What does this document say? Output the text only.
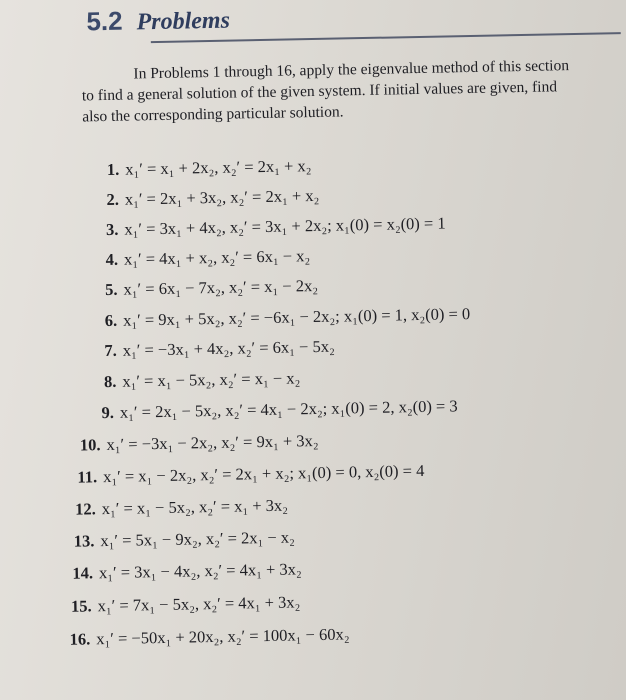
5.2 Problems

In Problems 1 through 16, apply the eigenvalue method of this section to find a general solution of the given system. If initial values are given, find also the corresponding particular solution.

1. x₁′ = x₁ + 2x₂, x₂′ = 2x₁ + x₂
2. x₁′ = 2x₁ + 3x₂, x₂′ = 2x₁ + x₂
3. x₁′ = 3x₁ + 4x₂, x₂′ = 3x₁ + 2x₂; x₁(0) = x₂(0) = 1
4. x₁′ = 4x₁ + x₂, x₂′ = 6x₁ − x₂
5. x₁′ = 6x₁ − 7x₂, x₂′ = x₁ − 2x₂
6. x₁′ = 9x₁ + 5x₂, x₂′ = −6x₁ − 2x₂; x₁(0) = 1, x₂(0) = 0
7. x₁′ = −3x₁ + 4x₂, x₂′ = 6x₁ − 5x₂
8. x₁′ = x₁ − 5x₂, x₂′ = x₁ − x₂
9. x₁′ = 2x₁ − 5x₂, x₂′ = 4x₁ − 2x₂; x₁(0) = 2, x₂(0) = 3
10. x₁′ = −3x₁ − 2x₂, x₂′ = 9x₁ + 3x₂
11. x₁′ = x₁ − 2x₂, x₂′ = 2x₁ + x₂; x₁(0) = 0, x₂(0) = 4
12. x₁′ = x₁ − 5x₂, x₂′ = x₁ + 3x₂
13. x₁′ = 5x₁ − 9x₂, x₂′ = 2x₁ − x₂
14. x₁′ = 3x₁ − 4x₂, x₂′ = 4x₁ + 3x₂
15. x₁′ = 7x₁ − 5x₂, x₂′ = 4x₁ + 3x₂
16. x₁′ = −50x₁ + 20x₂, x₂′ = 100x₁ − 60x₂
